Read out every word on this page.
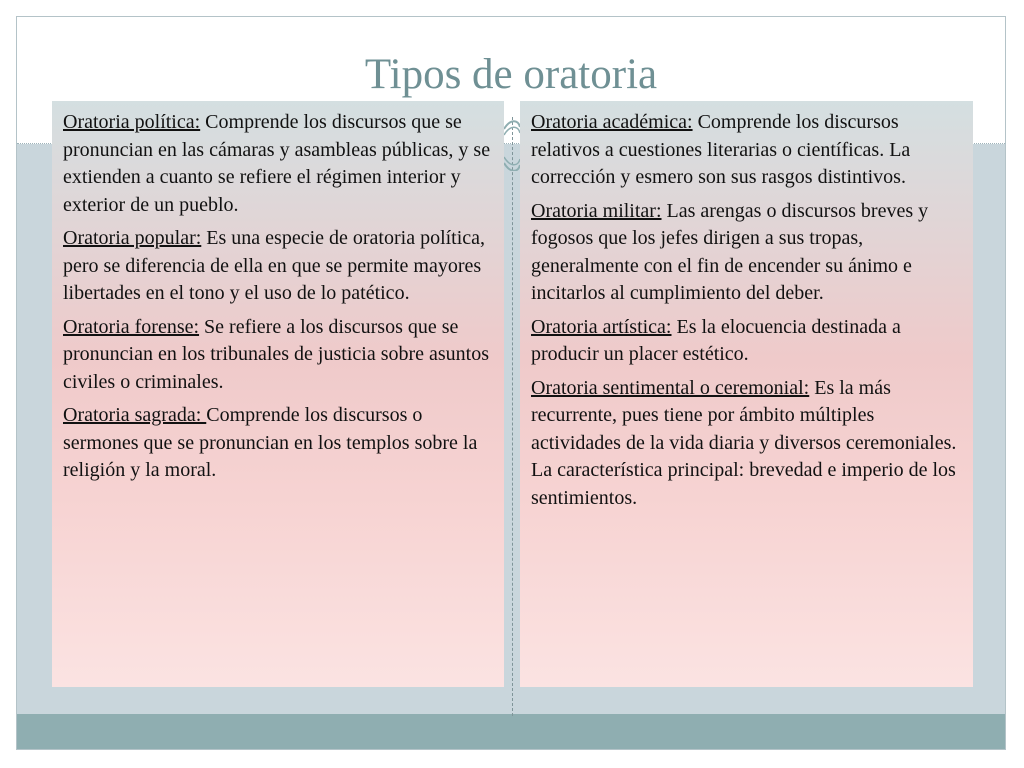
Tipos de oratoria

Oratoria política: Comprende los discursos que se pronuncian en las cámaras y asambleas públicas, y se extienden a cuanto se refiere el régimen interior y exterior de un pueblo.

Oratoria popular: Es una especie de oratoria política, pero se diferencia de ella en que se permite mayores libertades en el tono y el uso de lo patético.

Oratoria forense: Se refiere a los discursos que se pronuncian en los tribunales de justicia sobre asuntos civiles o criminales.

Oratoria sagrada: Comprende los discursos o sermones que se pronuncian en los templos sobre la religión y la moral.

Oratoria académica: Comprende los discursos relativos a cuestiones literarias o científicas. La corrección y esmero son sus rasgos distintivos.

Oratoria militar: Las arengas o discursos breves y fogosos que los jefes dirigen a sus tropas, generalmente con el fin de encender su ánimo e incitarlos al cumplimiento del deber.

Oratoria artística: Es la elocuencia destinada a producir un placer estético.

Oratoria sentimental o ceremonial: Es la más recurrente, pues tiene por ámbito múltiples actividades de la vida diaria y diversos ceremoniales. La característica principal: brevedad e imperio de los sentimientos.
